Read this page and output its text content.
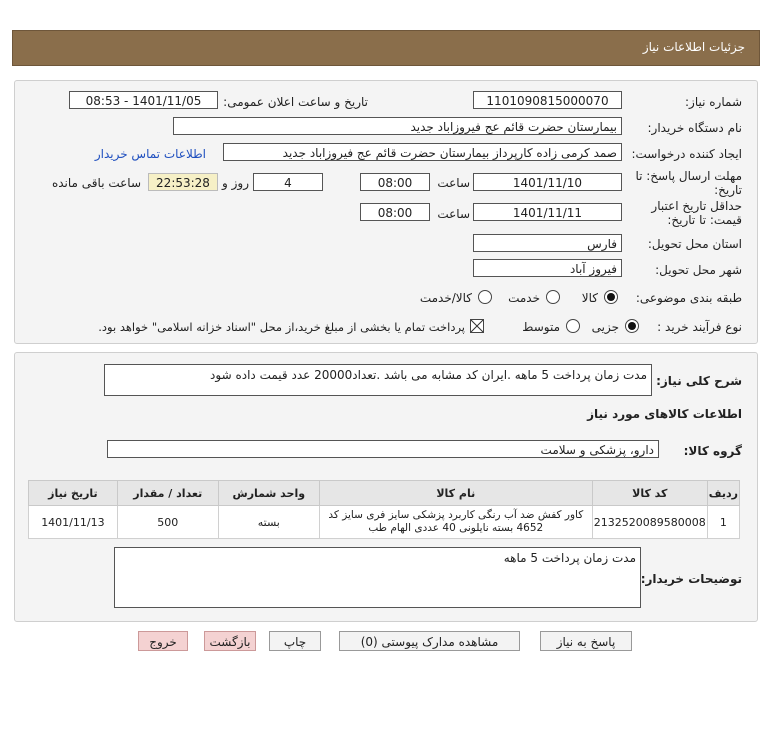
جزئیات اطلاعات نیاز
شماره نیاز:
1101090815000070
تاریخ و ساعت اعلان عمومی:
1401/11/05 - 08:53
نام دستگاه خریدار:
بیمارستان حضرت قائم عج فیروزاباد جدید
ایجاد کننده درخواست:
صمد کرمی زاده کارپرداز بیمارستان حضرت قائم عج فیروزاباد جدید
اطلاعات تماس خریدار
مهلت ارسال پاسخ: تا تاریخ:
1401/11/10
ساعت
08:00
4
روز و
22:53:28
ساعت باقی مانده
حداقل تاریخ اعتبار قیمت: تا تاریخ:
1401/11/11
ساعت
08:00
استان محل تحویل:
فارس
شهر محل تحویل:
فیروز آباد
طبقه بندی موضوعی:
کالا
خدمت
کالا/خدمت
نوع فرآیند خرید :
جزیی
متوسط
پرداخت تمام یا بخشی از مبلغ خرید،از محل "اسناد خزانه اسلامی" خواهد بود.
شرح کلی نیاز:
مدت زمان پرداخت 5 ماهه .ایران کد مشابه می باشد .تعداد20000 عدد قیمت داده شود
اطلاعات کالاهای مورد نیاز
گروه کالا:
دارو، پزشکی و سلامت
ردیف	کد کالا	نام کالا	واحد شمارش	تعداد / مقدار	تاریخ نیاز
1	2132520089580008	کاور کفش ضد آب رنگی کاربرد پزشکی سایز فری سایز کد
4652 بسته نایلونی 40 عددی الهام طب	بسته	500	1401/11/13
توضیحات خریدار:
مدت زمان پرداخت 5 ماهه
پاسخ به نیاز
مشاهده مدارک پیوستی (0)
چاپ
بازگشت
خروج
